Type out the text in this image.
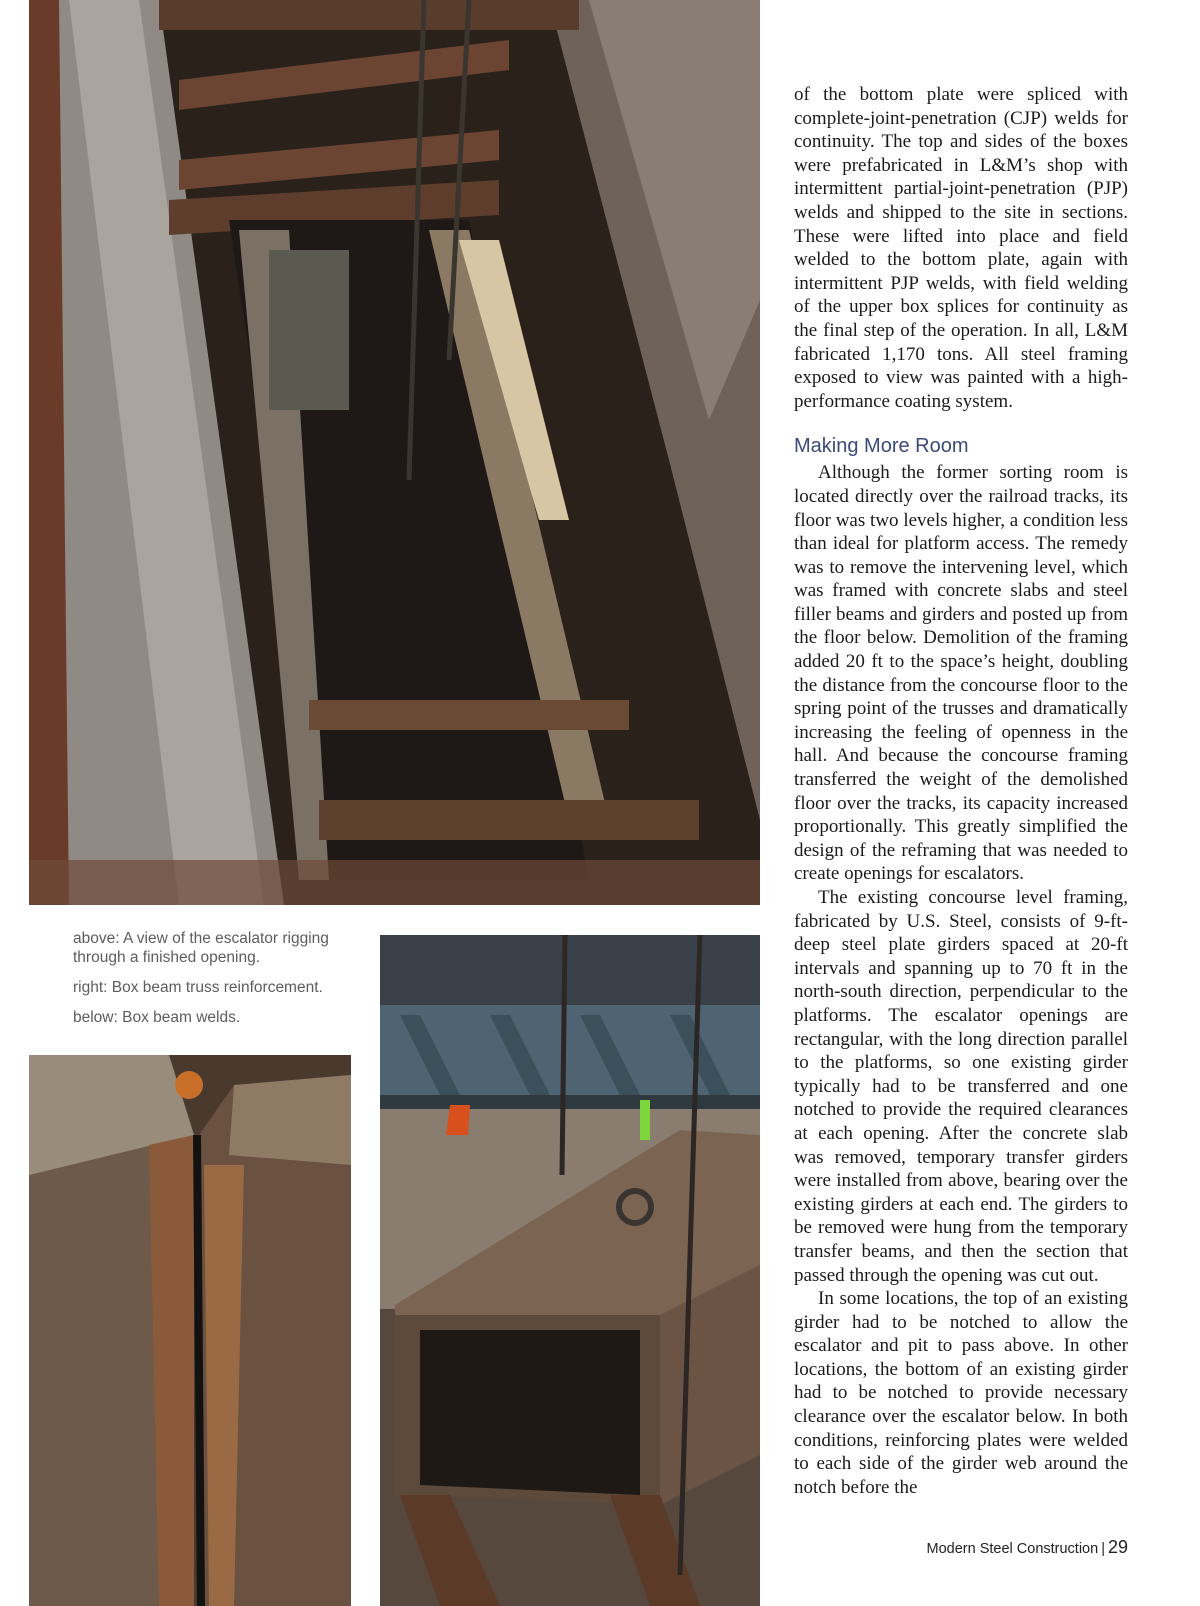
above: A view of the escalator rigging through a finished opening.

right: Box beam truss reinforcement.

below: Box beam welds.

of the bottom plate were spliced with complete-joint-penetration (CJP) welds for continuity. The top and sides of the boxes were prefabricated in L&M’s shop with intermittent partial-joint-penetration (PJP) welds and shipped to the site in sections. These were lifted into place and field welded to the bottom plate, again with intermittent PJP welds, with field welding of the upper box splices for continuity as the final step of the operation. In all, L&M fabricated 1,170 tons. All steel framing exposed to view was painted with a high-performance coating system.

Making More Room

Although the former sorting room is located directly over the railroad tracks, its floor was two levels higher, a condition less than ideal for platform access. The remedy was to remove the intervening level, which was framed with concrete slabs and steel filler beams and girders and posted up from the floor below. Demolition of the framing added 20 ft to the space’s height, doubling the distance from the concourse floor to the spring point of the trusses and dramatically increasing the feeling of openness in the hall. And because the concourse framing transferred the weight of the demolished floor over the tracks, its capacity increased proportionally. This greatly simplified the design of the reframing that was needed to create openings for escalators.

The existing concourse level framing, fabricated by U.S. Steel, consists of 9-ft-deep steel plate girders spaced at 20-ft intervals and spanning up to 70 ft in the north-south direction, perpendicular to the platforms. The escalator openings are rectangular, with the long direction parallel to the platforms, so one existing girder typically had to be transferred and one notched to provide the required clearances at each opening. After the concrete slab was removed, temporary transfer girders were installed from above, bearing over the existing girders at each end. The girders to be removed were hung from the temporary transfer beams, and then the section that passed through the opening was cut out.

In some locations, the top of an existing girder had to be notched to allow the escalator and pit to pass above. In other locations, the bottom of an existing girder had to be notched to provide necessary clearance over the escalator below. In both conditions, reinforcing plates were welded to each side of the girder web around the notch before the

Modern Steel Construction | 29
